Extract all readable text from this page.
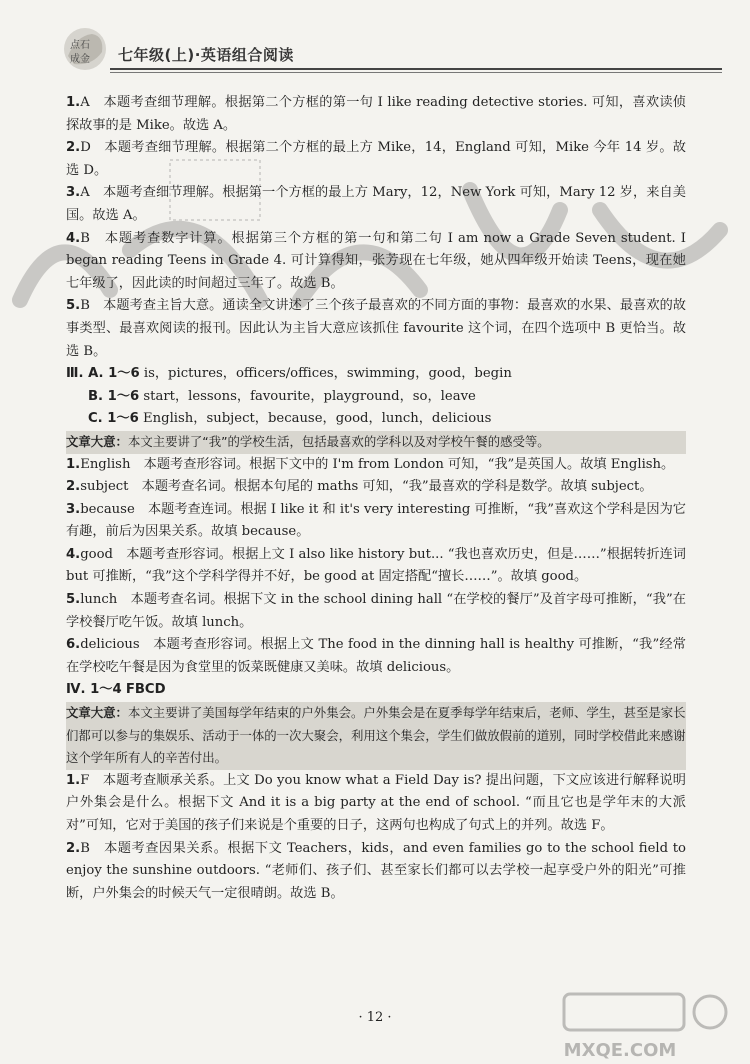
点石
成金 七年级(上)·英语组合阅读

1.A　本题考查细节理解。根据第二个方框的第一句 I like reading detective stories. 可知，喜欢读侦探故事的是 Mike。故选 A。

2.D　本题考查细节理解。根据第二个方框的最上方 Mike，14，England 可知，Mike 今年 14 岁。故选 D。

3.A　本题考查细节理解。根据第一个方框的最上方 Mary，12，New York 可知，Mary 12 岁，来自美国。故选 A。

4.B　本题考查数字计算。根据第三个方框的第一句和第二句 I am now a Grade Seven student. I began reading Teens in Grade 4. 可计算得知，张芳现在七年级，她从四年级开始读 Teens，现在她七年级了，因此读的时间超过三年了。故选 B。

5.B　本题考查主旨大意。通读全文讲述了三个孩子最喜欢的不同方面的事物：最喜欢的水果、最喜欢的故事类型、最喜欢阅读的报刊。因此认为主旨大意应该抓住 favourite 这个词，在四个选项中 B 更恰当。故选 B。

Ⅲ. A. 1～6 is，pictures，officers/offices，swimming，good，begin

B. 1～6 start，lessons，favourite，playground，so，leave

C. 1～6 English，subject，because，good，lunch，delicious

文章大意：本文主要讲了“我”的学校生活，包括最喜欢的学科以及对学校午餐的感受等。

1.English　本题考查形容词。根据下文中的 I'm from London 可知，“我”是英国人。故填 English。

2.subject　本题考查名词。根据本句尾的 maths 可知，“我”最喜欢的学科是数学。故填 subject。

3.because　本题考查连词。根据 I like it 和 it's very interesting 可推断，“我”喜欢这个学科是因为它有趣，前后为因果关系。故填 because。

4.good　本题考查形容词。根据上文 I also like history but... “我也喜欢历史，但是……”根据转折连词 but 可推断，“我”这个学科学得并不好，be good at 固定搭配“擅长……”。故填 good。

5.lunch　本题考查名词。根据下文 in the school dining hall “在学校的餐厅”及首字母可推断，“我”在学校餐厅吃午饭。故填 lunch。

6.delicious　本题考查形容词。根据上文 The food in the dinning hall is healthy 可推断，“我”经常在学校吃午餐是因为食堂里的饭菜既健康又美味。故填 delicious。

Ⅳ. 1～4 FBCD

文章大意：本文主要讲了美国每学年结束的户外集会。户外集会是在夏季每学年结束后，老师、学生，甚至是家长们都可以参与的集娱乐、活动于一体的一次大聚会，利用这个集会，学生们做放假前的道别，同时学校借此来感谢这个学年所有人的辛苦付出。

1.F　本题考查顺承关系。上文 Do you know what a Field Day is? 提出问题，下文应该进行解释说明户外集会是什么。根据下文 And it is a big party at the end of school. “而且它也是学年末的大派对”可知，它对于美国的孩子们来说是个重要的日子，这两句也构成了句式上的并列。故选 F。

2.B　本题考查因果关系。根据下文 Teachers，kids，and even families go to the school field to enjoy the sunshine outdoors. “老师们、孩子们、甚至家长们都可以去学校一起享受户外的阳光”可推断，户外集会的时候天气一定很晴朗。故选 B。

· 12 ·
MXQE.COM
